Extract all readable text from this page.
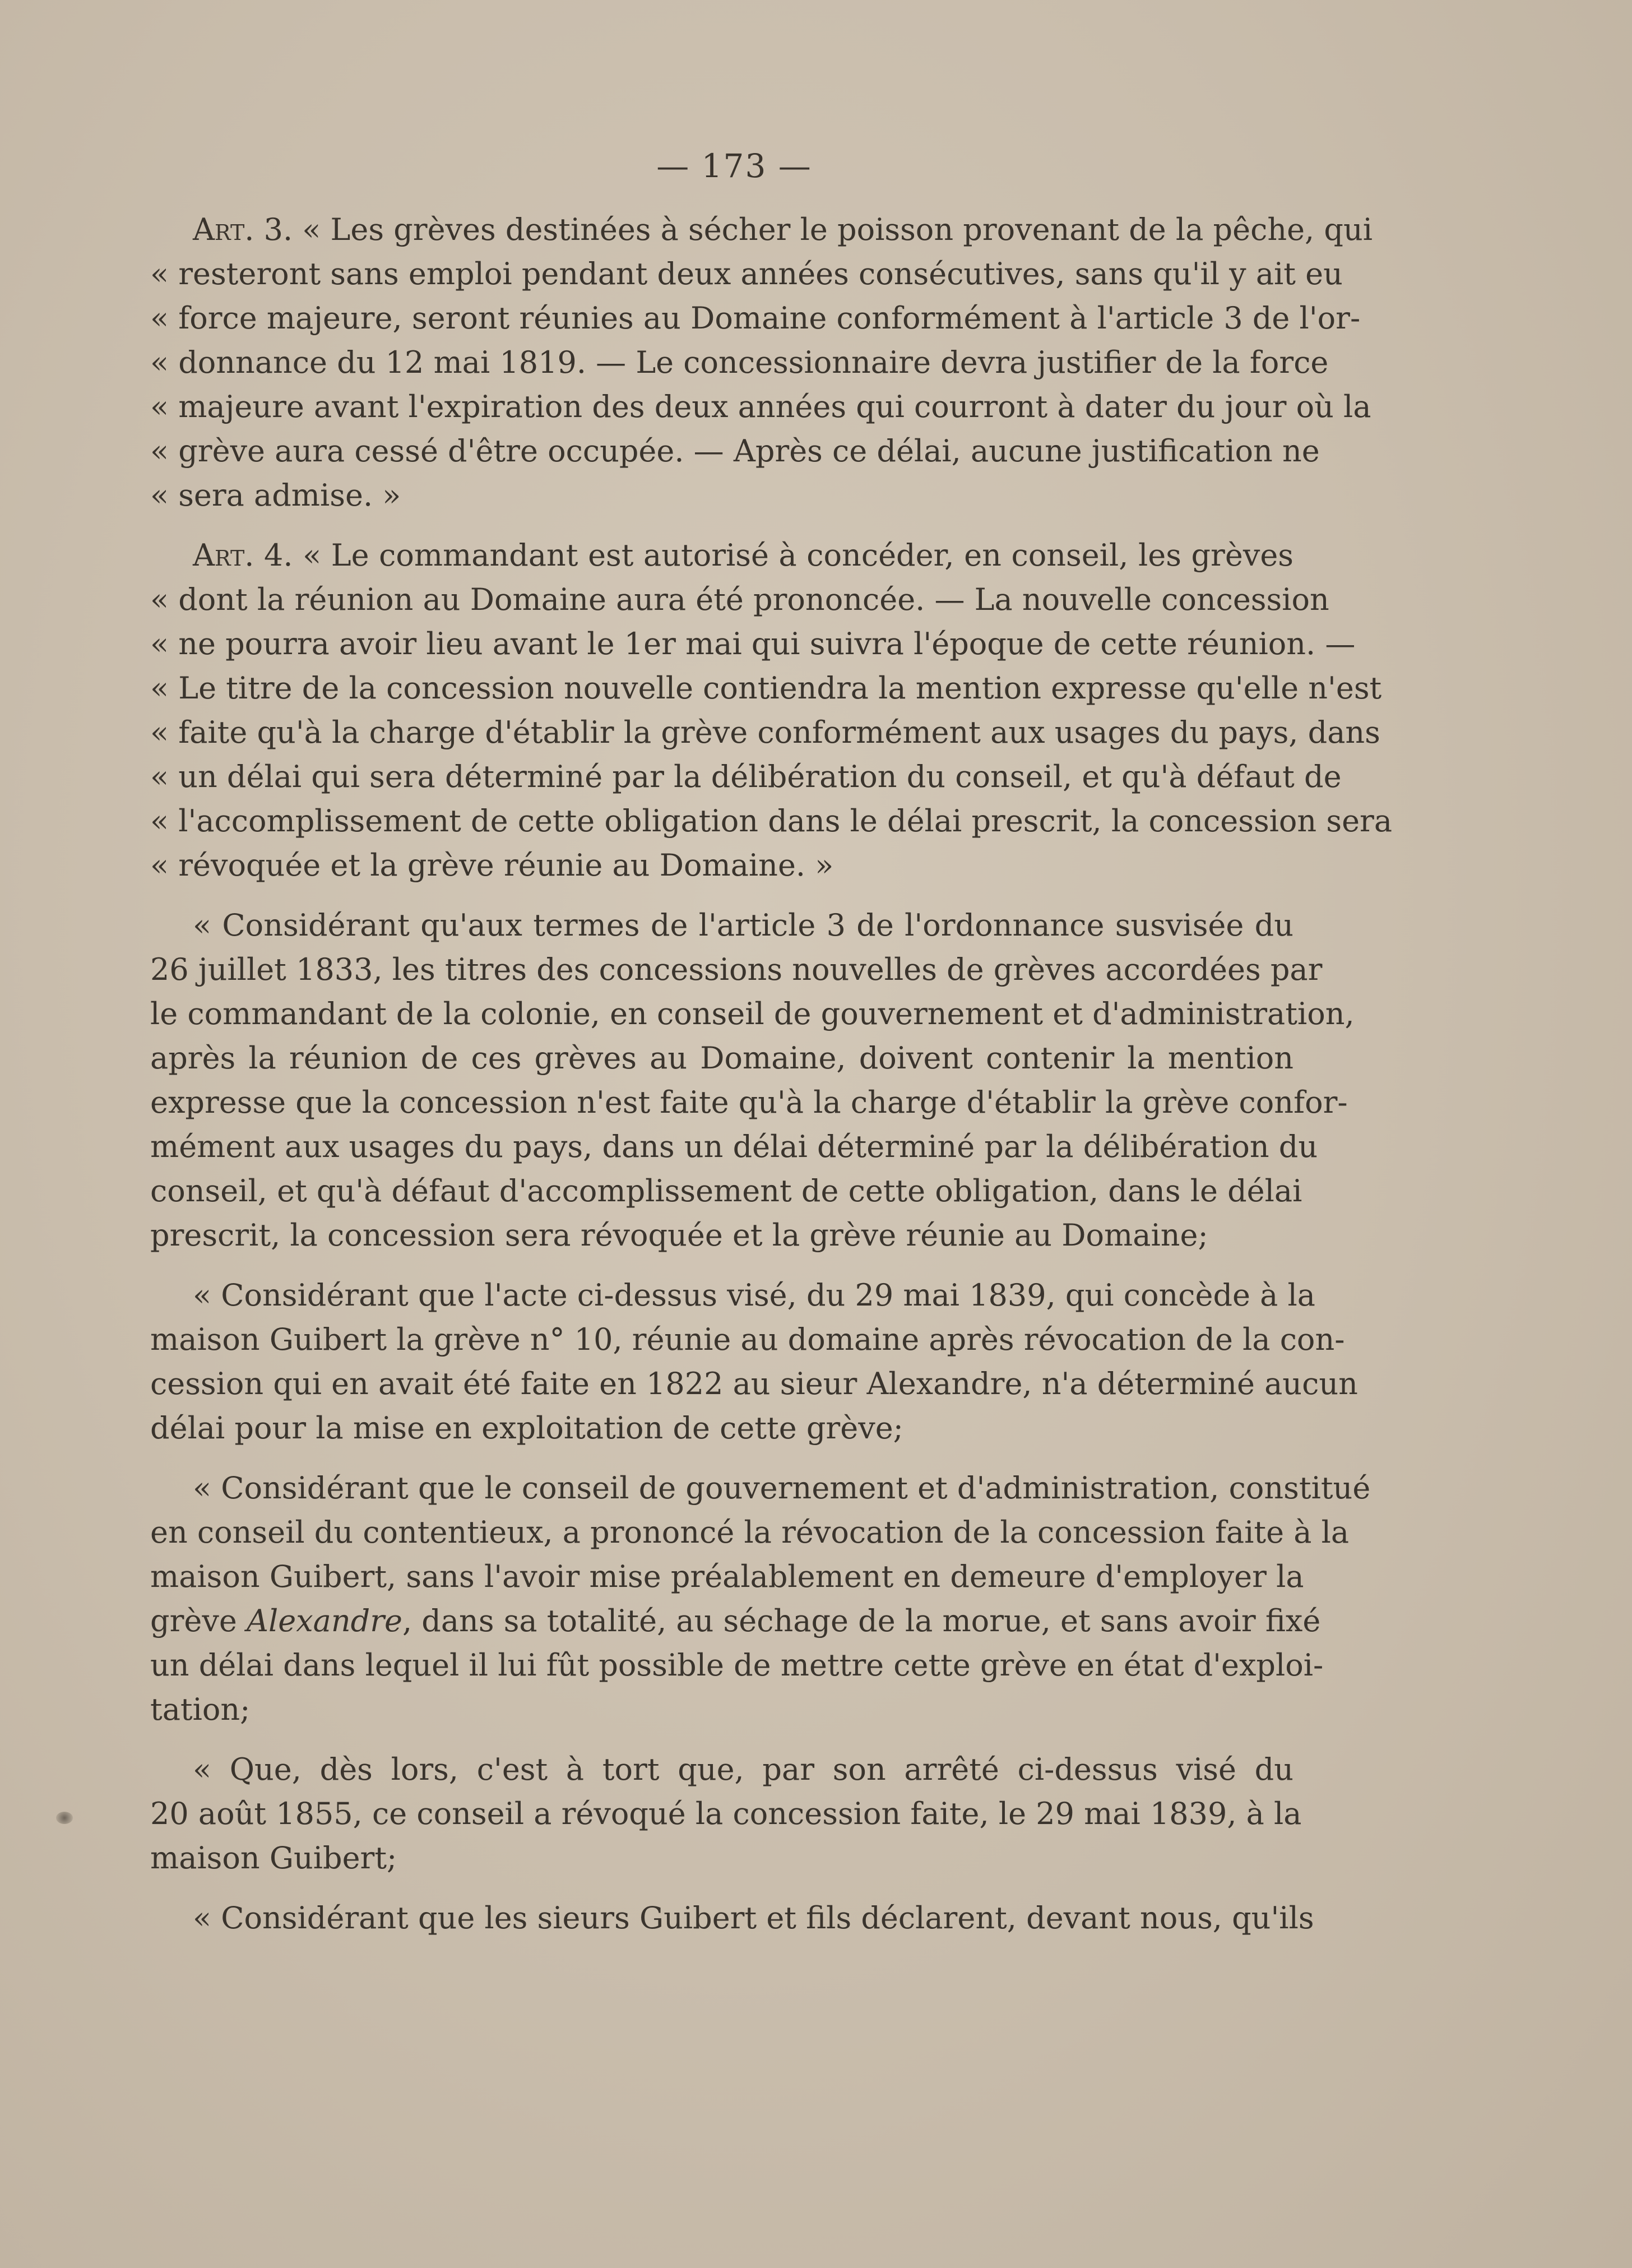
— 173 —
Art. 3. « Les grèves destinées à sécher le poisson provenant de la pêche, qui
« resteront sans emploi pendant deux années consécutives, sans qu'il y ait eu
« force majeure, seront réunies au Domaine conformément à l'article 3 de l'or-
« donnance du 12 mai 1819. — Le concessionnaire devra justifier de la force
« majeure avant l'expiration des deux années qui courront à dater du jour où la
« grève aura cessé d'être occupée. — Après ce délai, aucune justification ne
« sera admise. »
Art. 4. « Le commandant est autorisé à concéder, en conseil, les grèves
« dont la réunion au Domaine aura été prononcée. — La nouvelle concession
« ne pourra avoir lieu avant le 1er mai qui suivra l'époque de cette réunion. —
« Le titre de la concession nouvelle contiendra la mention expresse qu'elle n'est
« faite qu'à la charge d'établir la grève conformément aux usages du pays, dans
« un délai qui sera déterminé par la délibération du conseil, et qu'à défaut de
« l'accomplissement de cette obligation dans le délai prescrit, la concession sera
« révoquée et la grève réunie au Domaine. »
« Considérant qu'aux termes de l'article 3 de l'ordonnance susvisée du
26 juillet 1833, les titres des concessions nouvelles de grèves accordées par
le commandant de la colonie, en conseil de gouvernement et d'administration,
après la réunion de ces grèves au Domaine, doivent contenir la mention
expresse que la concession n'est faite qu'à la charge d'établir la grève confor-
mément aux usages du pays, dans un délai déterminé par la délibération du
conseil, et qu'à défaut d'accomplissement de cette obligation, dans le délai
prescrit, la concession sera révoquée et la grève réunie au Domaine;
« Considérant que l'acte ci-dessus visé, du 29 mai 1839, qui concède à la
maison Guibert la grève n° 10, réunie au domaine après révocation de la con-
cession qui en avait été faite en 1822 au sieur Alexandre, n'a déterminé aucun
délai pour la mise en exploitation de cette grève;
« Considérant que le conseil de gouvernement et d'administration, constitué
en conseil du contentieux, a prononcé la révocation de la concession faite à la
maison Guibert, sans l'avoir mise préalablement en demeure d'employer la
grève Alexandre, dans sa totalité, au séchage de la morue, et sans avoir fixé
un délai dans lequel il lui fût possible de mettre cette grève en état d'exploi-
tation;
« Que, dès lors, c'est à tort que, par son arrêté ci-dessus visé du
20 août 1855, ce conseil a révoqué la concession faite, le 29 mai 1839, à la
maison Guibert;
« Considérant que les sieurs Guibert et fils déclarent, devant nous, qu'ils
